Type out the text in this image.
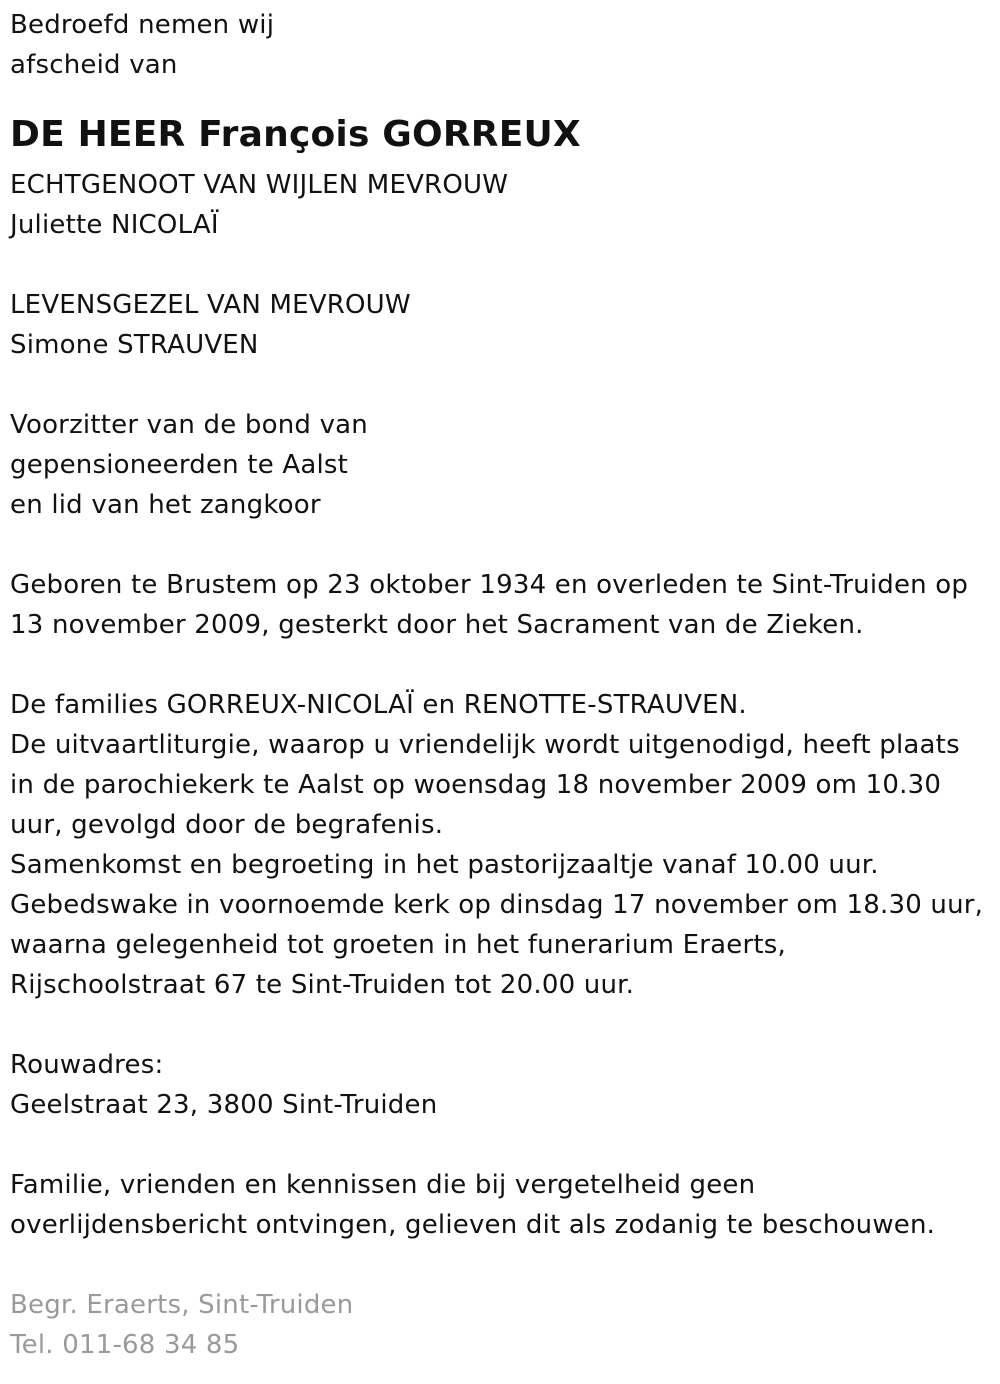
Bedroefd nemen wij
afscheid van
DE HEER François GORREUX
ECHTGENOOT VAN WIJLEN MEVROUW
Juliette NICOLAÏ
LEVENSGEZEL VAN MEVROUW
Simone STRAUVEN
Voorzitter van de bond van
gepensioneerden te Aalst
en lid van het zangkoor
Geboren te Brustem op 23 oktober 1934 en overleden te Sint-Truiden op
13 november 2009, gesterkt door het Sacrament van de Zieken.
De families GORREUX-NICOLAÏ en RENOTTE-STRAUVEN.
De uitvaartliturgie, waarop u vriendelijk wordt uitgenodigd, heeft plaats
in de parochiekerk te Aalst op woensdag 18 november 2009 om 10.30
uur, gevolgd door de begrafenis.
Samenkomst en begroeting in het pastorijzaaltje vanaf 10.00 uur.
Gebedswake in voornoemde kerk op dinsdag 17 november om 18.30 uur,
waarna gelegenheid tot groeten in het funerarium Eraerts,
Rijschoolstraat 67 te Sint-Truiden tot 20.00 uur.
Rouwadres:
Geelstraat 23, 3800 Sint-Truiden
Familie, vrienden en kennissen die bij vergetelheid geen
overlijdensbericht ontvingen, gelieven dit als zodanig te beschouwen.
Begr. Eraerts, Sint-Truiden
Tel. 011-68 34 85
